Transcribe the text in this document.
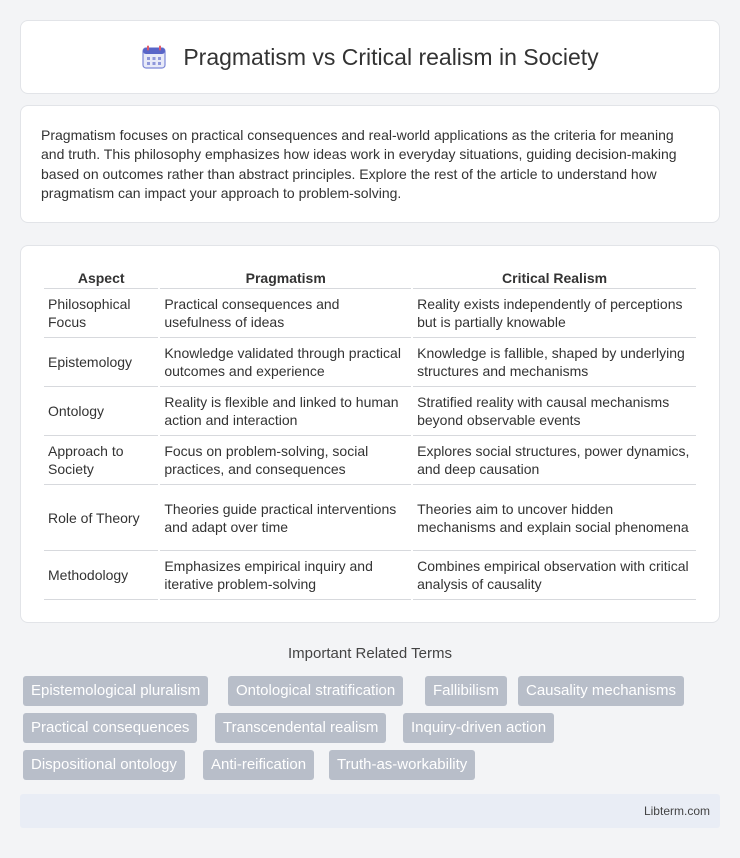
Pragmatism vs Critical realism in Society

Pragmatism focuses on practical consequences and real-world applications as the criteria for meaning and truth. This philosophy emphasizes how ideas work in everyday situations, guiding decision-making based on outcomes rather than abstract principles. Explore the rest of the article to understand how pragmatism can impact your approach to problem-solving.

Aspect	Pragmatism	Critical Realism
Philosophical Focus	Practical consequences and usefulness of ideas	Reality exists independently of perceptions but is partially knowable
Epistemology	Knowledge validated through practical outcomes and experience	Knowledge is fallible, shaped by underlying structures and mechanisms
Ontology	Reality is flexible and linked to human action and interaction	Stratified reality with causal mechanisms beyond observable events
Approach to Society	Focus on problem-solving, social practices, and consequences	Explores social structures, power dynamics, and deep causation
Role of Theory	Theories guide practical interventions and adapt over time	Theories aim to uncover hidden mechanisms and explain social phenomena
Methodology	Emphasizes empirical inquiry and iterative problem-solving	Combines empirical observation with critical analysis of causality
Important Related Terms
Epistemological pluralism	Ontological stratification	Fallibilism	Causality mechanisms
Practical consequences	Transcendental realism	Inquiry-driven action
Dispositional ontology	Anti-reification	Truth-as-workability
Libterm.com
